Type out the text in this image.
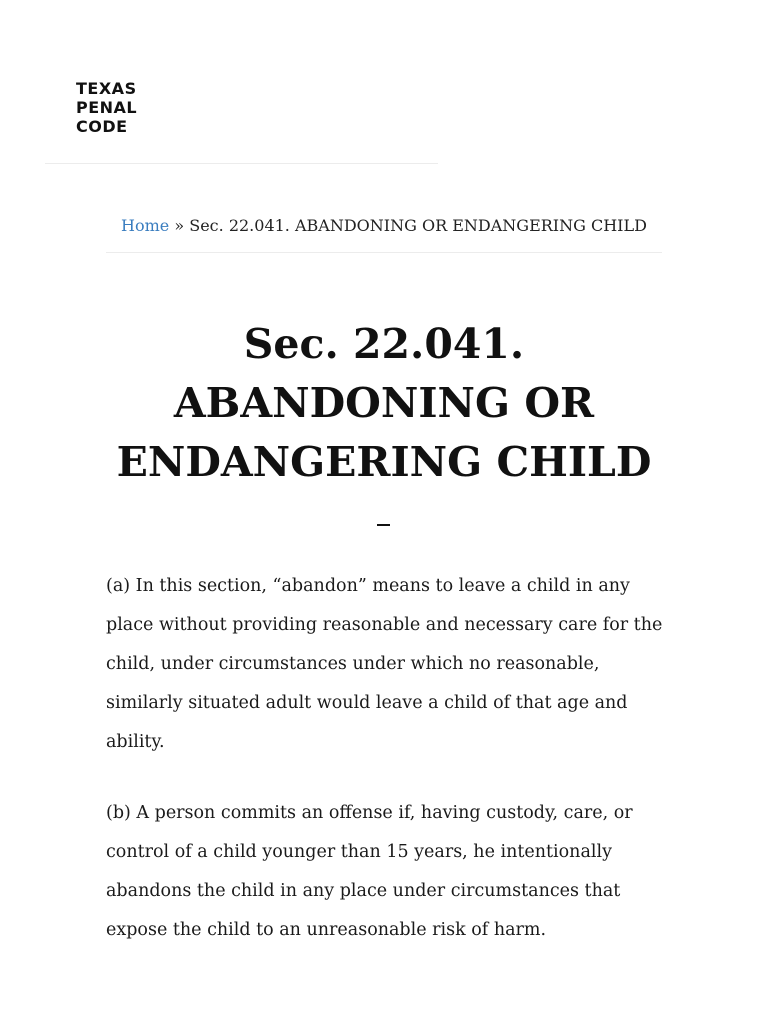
TEXAS
PENAL
CODE
Home » Sec. 22.041. ABANDONING OR ENDANGERING CHILD
Sec. 22.041. ABANDONING OR ENDANGERING CHILD

(a) In this section, “abandon” means to leave a child in any place without providing reasonable and necessary care for the child, under circumstances under which no reasonable, similarly situated adult would leave a child of that age and ability.

(b) A person commits an offense if, having custody, care, or control of a child younger than 15 years, he intentionally abandons the child in any place under circumstances that expose the child to an unreasonable risk of harm.
